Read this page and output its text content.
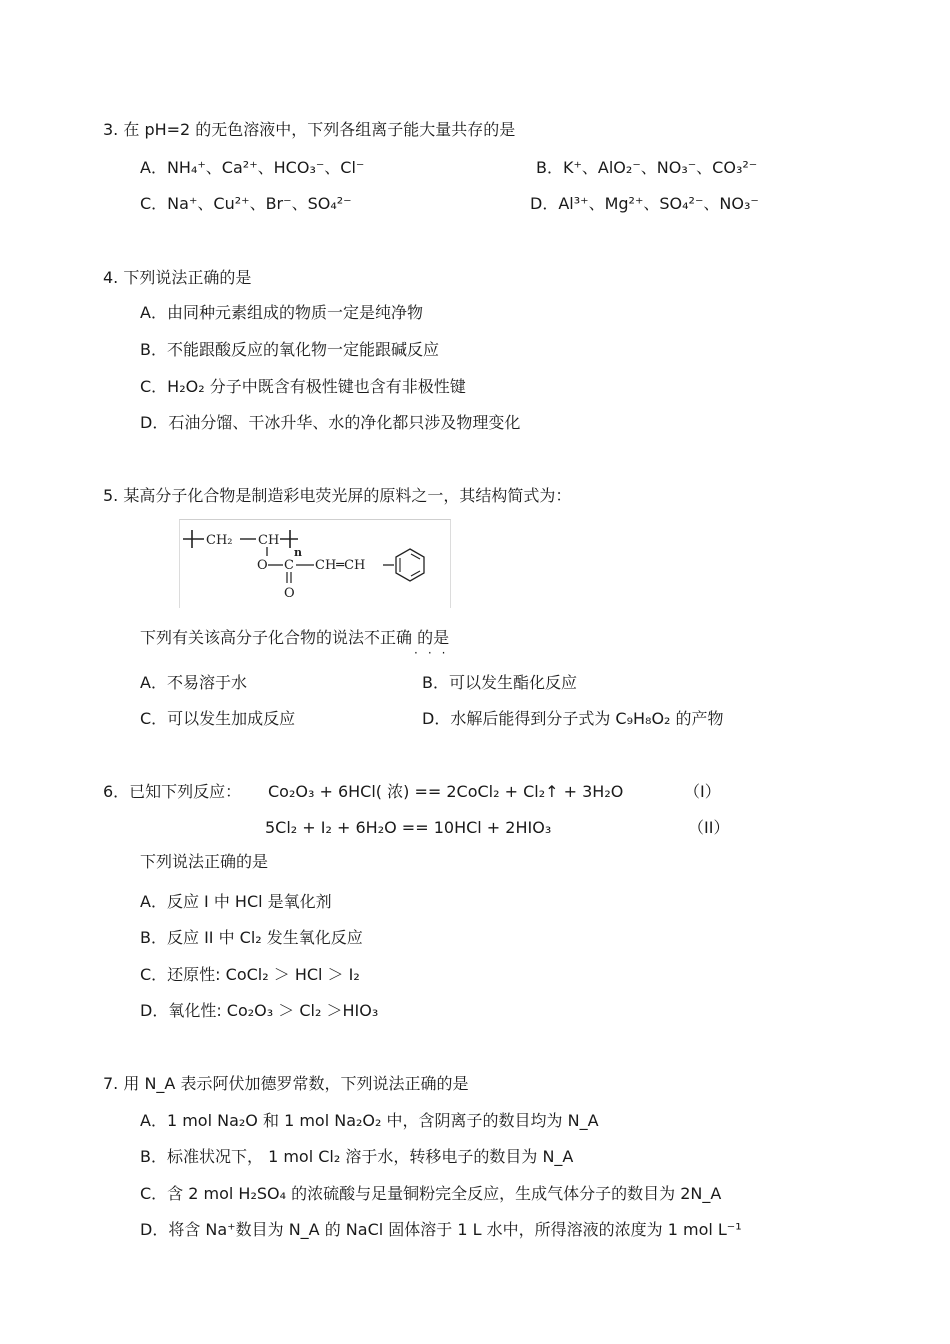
3. 在 pH=2 的无色溶液中，下列各组离子能大量共存的是
A．NH₄⁺、Ca²⁺、HCO₃⁻、Cl⁻	B．K⁺、AlO₂⁻、NO₃⁻、CO₃²⁻
C．Na⁺、Cu²⁺、Br⁻、SO₄²⁻	D．Al³⁺、Mg²⁺、SO₄²⁻、NO₃⁻
4. 下列说法正确的是
A．由同种元素组成的物质一定是纯净物
B．不能跟酸反应的氧化物一定能跟碱反应
C．H₂O₂ 分子中既含有极性键也含有非极性键
D．石油分馏、干冰升华、水的净化都只涉及物理变化
5. 某高分子化合物是制造彩电荧光屏的原料之一，其结构简式为：
CH₂ CH
n
O C
O
CH═CH
下列有关该高分子化合物的说法不正确 的是
···
A．不易溶于水	B．可以发生酯化反应
C．可以发生加成反应	D．水解后能得到分子式为 C₉H₈O₂ 的产物
6．已知下列反应： Co₂O₃ + 6HCl( 浓) == 2CoCl₂ + Cl₂↑ + 3H₂O	（I）
5Cl₂ + I₂ + 6H₂O == 10HCl + 2HIO₃	（II）
下列说法正确的是
A．反应 I 中 HCl 是氧化剂
B．反应 II 中 Cl₂ 发生氧化反应
C．还原性: CoCl₂ ＞ HCl ＞ I₂
D．氧化性: Co₂O₃ ＞ Cl₂ ＞HIO₃
7. 用 N_A 表示阿伏加德罗常数，下列说法正确的是
A．1 mol Na₂O 和 1 mol Na₂O₂ 中，含阴离子的数目均为 N_A
B．标准状况下， 1 mol Cl₂ 溶于水，转移电子的数目为 N_A
C．含 2 mol H₂SO₄ 的浓硫酸与足量铜粉完全反应，生成气体分子的数目为 2N_A
D．将含 Na⁺数目为 N_A 的 NaCl 固体溶于 1 L 水中，所得溶液的浓度为 1 mol L⁻¹
